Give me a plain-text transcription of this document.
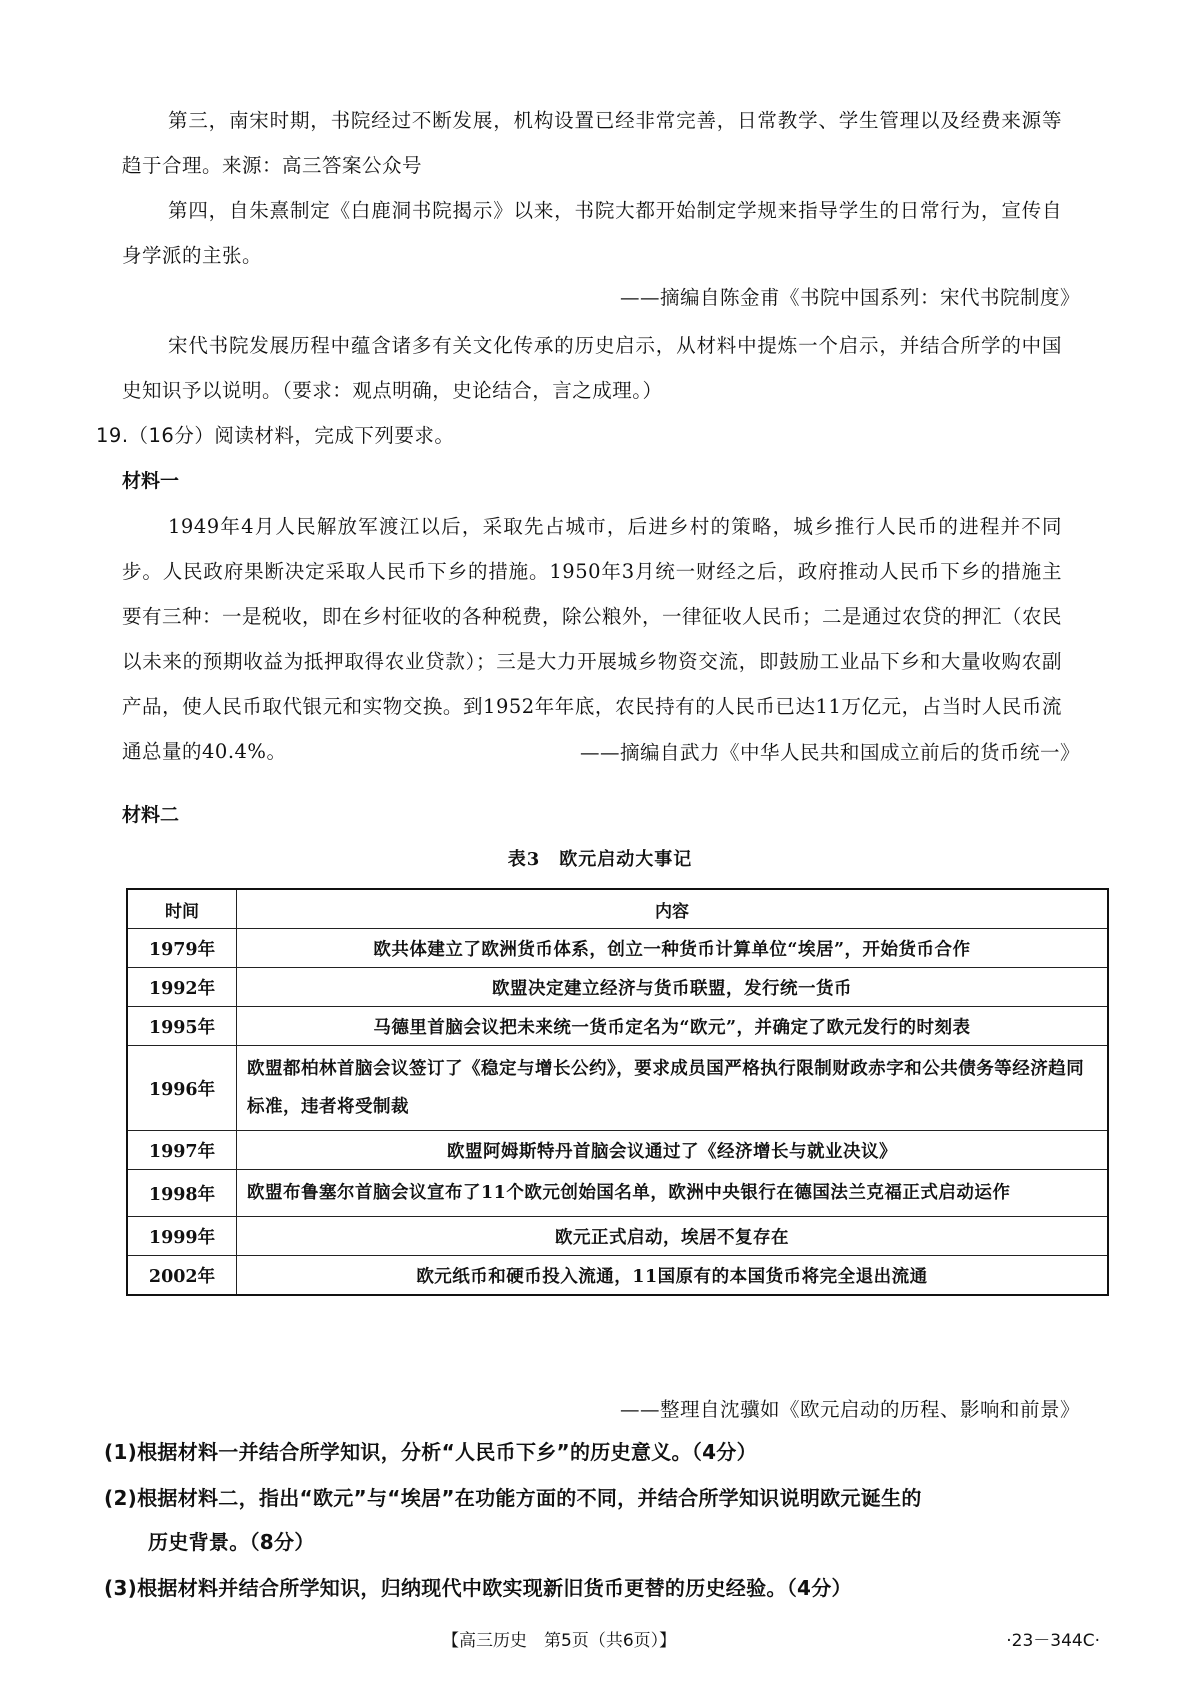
第三，南宋时期，书院经过不断发展，机构设置已经非常完善，日常教学、学生管理以及经费来源等趋于合理。来源：高三答案公众号
第四，自朱熹制定《白鹿洞书院揭示》以来，书院大都开始制定学规来指导学生的日常行为，宣传自身学派的主张。
——摘编自陈金甫《书院中国系列：宋代书院制度》
宋代书院发展历程中蕴含诸多有关文化传承的历史启示，从材料中提炼一个启示，并结合所学的中国史知识予以说明。（要求：观点明确，史论结合，言之成理。）
19.（16分）阅读材料，完成下列要求。
材料一
1949年4月人民解放军渡江以后，采取先占城市，后进乡村的策略，城乡推行人民币的进程并不同步。人民政府果断决定采取人民币下乡的措施。1950年3月统一财经之后，政府推动人民币下乡的措施主要有三种：一是税收，即在乡村征收的各种税费，除公粮外，一律征收人民币；二是通过农贷的押汇（农民以未来的预期收益为抵押取得农业贷款）；三是大力开展城乡物资交流，即鼓励工业品下乡和大量收购农副产品，使人民币取代银元和实物交换。到1952年年底，农民持有的人民币已达11万亿元，占当时人民币流通总量的40.4%。	——摘编自武力《中华人民共和国成立前后的货币统一》
材料二
表3　欧元启动大事记
时间	内容
1979年	欧共体建立了欧洲货币体系，创立一种货币计算单位“埃居”，开始货币合作
1992年	欧盟决定建立经济与货币联盟，发行统一货币
1995年	马德里首脑会议把未来统一货币定名为“欧元”，并确定了欧元发行的时刻表
1996年	欧盟都柏林首脑会议签订了《稳定与增长公约》，要求成员国严格执行限制财政赤字和公共债务等经济趋同标准，违者将受制裁
1997年	欧盟阿姆斯特丹首脑会议通过了《经济增长与就业决议》
1998年	欧盟布鲁塞尔首脑会议宣布了11个欧元创始国名单，欧洲中央银行在德国法兰克福正式启动运作
1999年	欧元正式启动，埃居不复存在
2002年	欧元纸币和硬币投入流通，11国原有的本国货币将完全退出流通
——整理自沈骥如《欧元启动的历程、影响和前景》
(1)根据材料一并结合所学知识，分析“人民币下乡”的历史意义。（4分）
(2)根据材料二，指出“欧元”与“埃居”在功能方面的不同，并结合所学知识说明欧元诞生的
历史背景。（8分）
(3)根据材料并结合所学知识，归纳现代中欧实现新旧货币更替的历史经验。（4分）
【高三历史　第5页（共6页）】	·23－344C·
